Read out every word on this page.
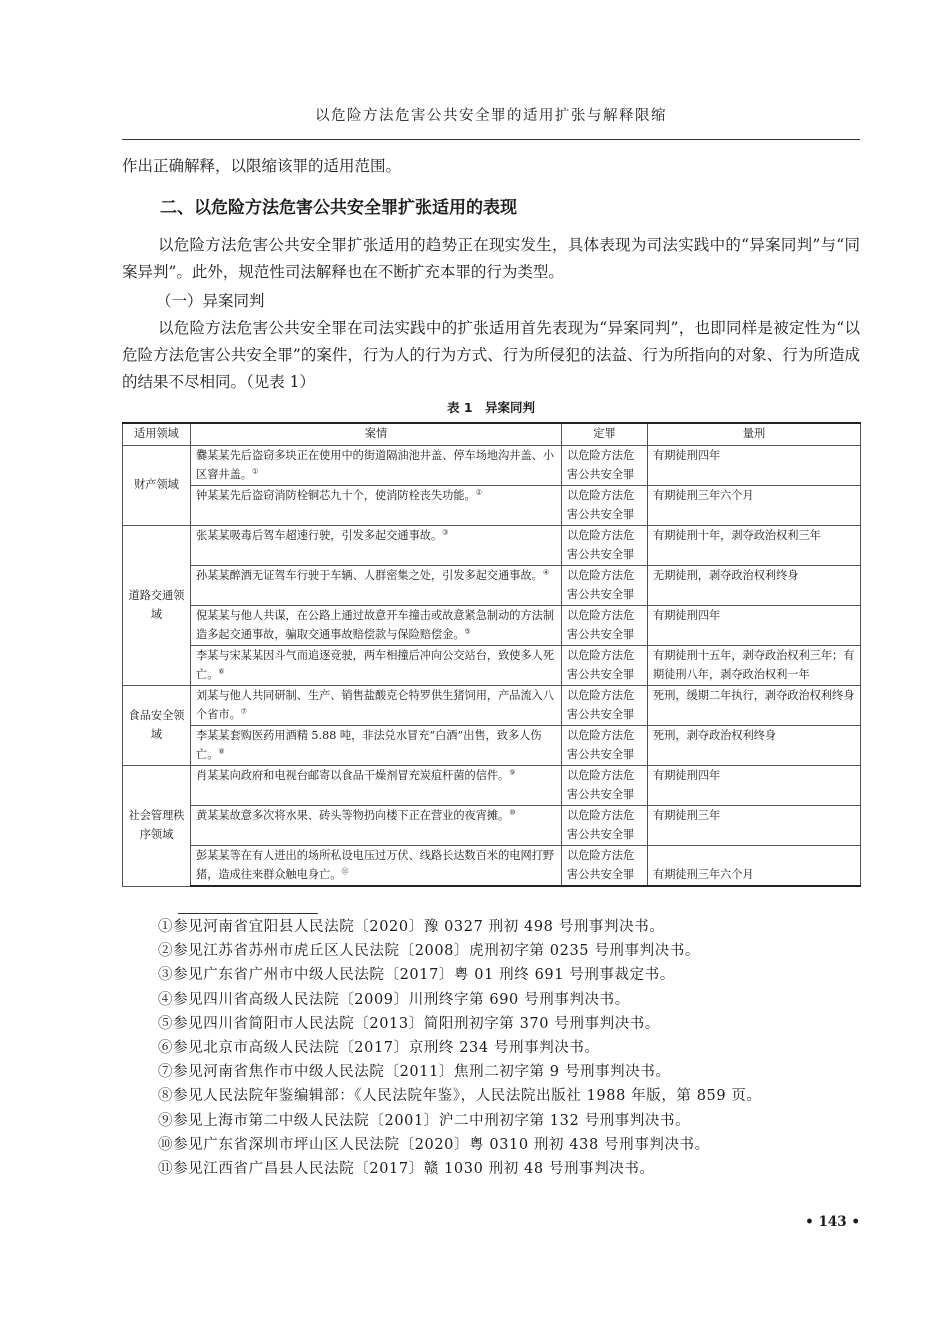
以危险方法危害公共安全罪的适用扩张与解释限缩

作出正确解释，以限缩该罪的适用范围。

二、以危险方法危害公共安全罪扩张适用的表现

以危险方法危害公共安全罪扩张适用的趋势正在现实发生，具体表现为司法实践中的“异案同判”与“同案异判”。此外，规范性司法解释也在不断扩充本罪的行为类型。

（一）异案同判

以危险方法危害公共安全罪在司法实践中的扩张适用首先表现为“异案同判”，也即同样是被定性为“以危险方法危害公共安全罪”的案件，行为人的行为方式、行为所侵犯的法益、行为所指向的对象、行为所造成的结果不尽相同。（见表 1）

表 1　异案同判
适用领域	案情	定罪	量刑
财产领域	爨某某先后盗窃多块正在使用中的街道隔油池井盖、停车场地沟井盖、小区窨井盖。①	以危险方法危害公共安全罪	有期徒刑四年
	钟某某先后盗窃消防栓铜芯九十个，使消防栓丧失功能。②	以危险方法危害公共安全罪	有期徒刑三年六个月
道路交通领域	张某某吸毒后驾车超速行驶，引发多起交通事故。③	以危险方法危害公共安全罪	有期徒刑十年，剥夺政治权利三年
	孙某某醉酒无证驾车行驶于车辆、人群密集之处，引发多起交通事故。④	以危险方法危害公共安全罪	无期徒刑，剥夺政治权利终身
	倪某某与他人共谋，在公路上通过故意开车撞击或故意紧急制动的方法制造多起交通事故，骗取交通事故赔偿款与保险赔偿金。⑤	以危险方法危害公共安全罪	有期徒刑四年
	李某与宋某某因斗气而追逐竞驶，两车相撞后冲向公交站台，致使多人死亡。⑥	以危险方法危害公共安全罪	有期徒刑十五年，剥夺政治权利三年；有期徒刑八年，剥夺政治权利一年
食品安全领域	刘某与他人共同研制、生产、销售盐酸克仑特罗供生猪饲用，产品流入八个省市。⑦	以危险方法危害公共安全罪	死刑，缓期二年执行，剥夺政治权利终身
	李某某套购医药用酒精 5.88 吨，非法兑水冒充“白酒”出售，致多人伤亡。⑧	以危险方法危害公共安全罪	死刑，剥夺政治权利终身
社会管理秩序领域	肖某某向政府和电视台邮寄以食品干燥剂冒充炭疽杆菌的信件。⑨	以危险方法危害公共安全罪	有期徒刑四年
	黄某某故意多次将水果、砖头等物扔向楼下正在营业的夜宵摊。⑩	以危险方法危害公共安全罪	有期徒刑三年
	彭某某等在有人进出的场所私设电压过万伏、线路长达数百米的电网打野猪，造成往来群众触电身亡。⑪	以危险方法危害公共安全罪	有期徒刑三年六个月
①参见河南省宜阳县人民法院〔2020〕豫 0327 刑初 498 号刑事判决书。
②参见江苏省苏州市虎丘区人民法院〔2008〕虎刑初字第 0235 号刑事判决书。
③参见广东省广州市中级人民法院〔2017〕粤 01 刑终 691 号刑事裁定书。
④参见四川省高级人民法院〔2009〕川刑终字第 690 号刑事判决书。
⑤参见四川省简阳市人民法院〔2013〕简阳刑初字第 370 号刑事判决书。
⑥参见北京市高级人民法院〔2017〕京刑终 234 号刑事判决书。
⑦参见河南省焦作市中级人民法院〔2011〕焦刑二初字第 9 号刑事判决书。
⑧参见人民法院年鉴编辑部：《人民法院年鉴》，人民法院出版社 1988 年版，第 859 页。
⑨参见上海市第二中级人民法院〔2001〕沪二中刑初字第 132 号刑事判决书。
⑩参见广东省深圳市坪山区人民法院〔2020〕粤 0310 刑初 438 号刑事判决书。
⑪参见江西省广昌县人民法院〔2017〕赣 1030 刑初 48 号刑事判决书。
• 143 •
